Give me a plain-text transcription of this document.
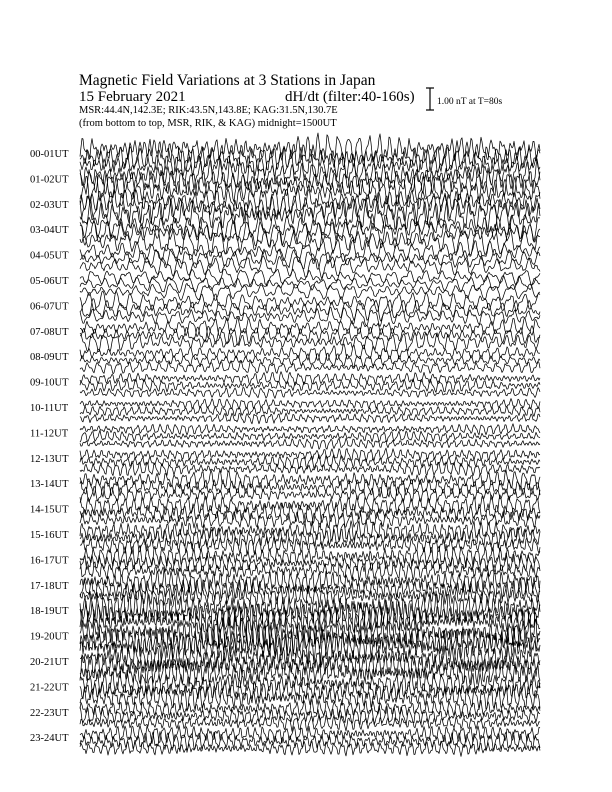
Magnetic Field Variations at 3 Stations in Japan
15 February 2021	dH/dt (filter:40-160s)
MSR:44.4N,142.3E; RIK:43.5N,143.8E; KAG:31.5N,130.7E
(from bottom to top, MSR, RIK, & KAG) midnight=1500UT
1.00 nT at T=80s
00-01UT
01-02UT
02-03UT
03-04UT
04-05UT
05-06UT
06-07UT
07-08UT
08-09UT
09-10UT
10-11UT
11-12UT
12-13UT
13-14UT
14-15UT
15-16UT
16-17UT
17-18UT
18-19UT
19-20UT
20-21UT
21-22UT
22-23UT
23-24UT
